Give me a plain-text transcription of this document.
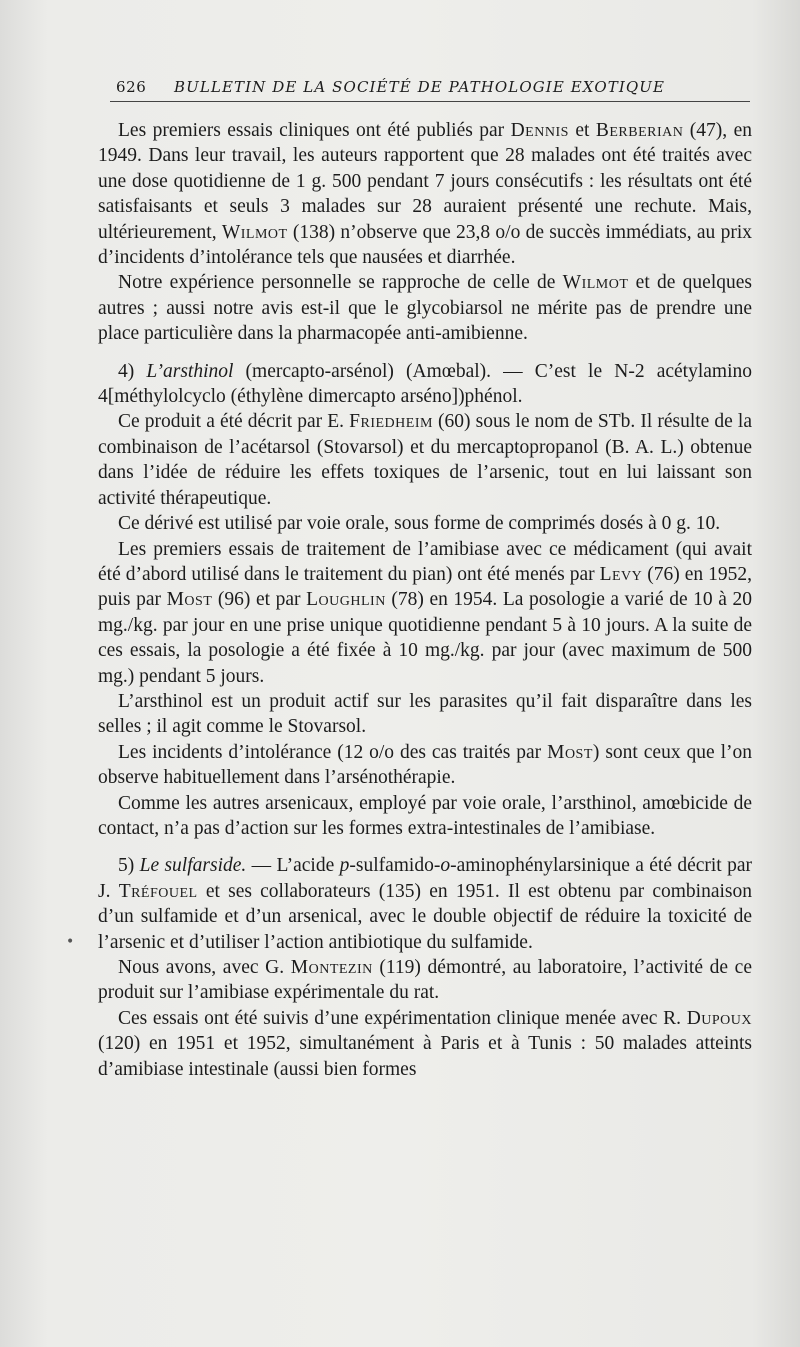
626 BULLETIN DE LA SOCIÉTÉ DE PATHOLOGIE EXOTIQUE
•

Les premiers essais cliniques ont été publiés par Dennis et Berberian (47), en 1949. Dans leur travail, les auteurs rapportent que 28 malades ont été traités avec une dose quotidienne de 1 g. 500 pendant 7 jours consécutifs : les résultats ont été satisfaisants et seuls 3 malades sur 28 auraient présenté une rechute. Mais, ultérieurement, Wilmot (138) n’observe que 23,8 o/o de succès immédiats, au prix d’incidents d’intolérance tels que nausées et diarrhée.

Notre expérience personnelle se rapproche de celle de Wilmot et de quelques autres ; aussi notre avis est-il que le glycobiarsol ne mérite pas de prendre une place particulière dans la pharmacopée anti-amibienne.

4) L’arsthinol (mercapto-arsénol) (Amœbal). — C’est le N-2 acétylamino 4[méthylolcyclo (éthylène dimercapto arséno])phénol.

Ce produit a été décrit par E. Friedheim (60) sous le nom de STb. Il résulte de la combinaison de l’acétarsol (Stovarsol) et du mercaptopropanol (B. A. L.) obtenue dans l’idée de réduire les effets toxiques de l’arsenic, tout en lui laissant son activité thérapeutique.

Ce dérivé est utilisé par voie orale, sous forme de comprimés dosés à 0 g. 10.

Les premiers essais de traitement de l’amibiase avec ce médicament (qui avait été d’abord utilisé dans le traitement du pian) ont été menés par Levy (76) en 1952, puis par Most (96) et par Loughlin (78) en 1954. La posologie a varié de 10 à 20 mg./kg. par jour en une prise unique quotidienne pendant 5 à 10 jours. A la suite de ces essais, la posologie a été fixée à 10 mg./kg. par jour (avec maximum de 500 mg.) pendant 5 jours.

L’arsthinol est un produit actif sur les parasites qu’il fait disparaître dans les selles ; il agit comme le Stovarsol.

Les incidents d’intolérance (12 o/o des cas traités par Most) sont ceux que l’on observe habituellement dans l’arsénothérapie.

Comme les autres arsenicaux, employé par voie orale, l’arsthinol, amœbicide de contact, n’a pas d’action sur les formes extra-intestinales de l’amibiase.

5) Le sulfarside. — L’acide p-sulfamido-o-aminophénylarsinique a été décrit par J. Tréfouel et ses collaborateurs (135) en 1951. Il est obtenu par combinaison d’un sulfamide et d’un arsenical, avec le double objectif de réduire la toxicité de l’arsenic et d’utiliser l’action antibiotique du sulfamide.

Nous avons, avec G. Montezin (119) démontré, au laboratoire, l’activité de ce produit sur l’amibiase expérimentale du rat.

Ces essais ont été suivis d’une expérimentation clinique menée avec R. Dupoux (120) en 1951 et 1952, simultanément à Paris et à Tunis : 50 malades atteints d’amibiase intestinale (aussi bien formes
